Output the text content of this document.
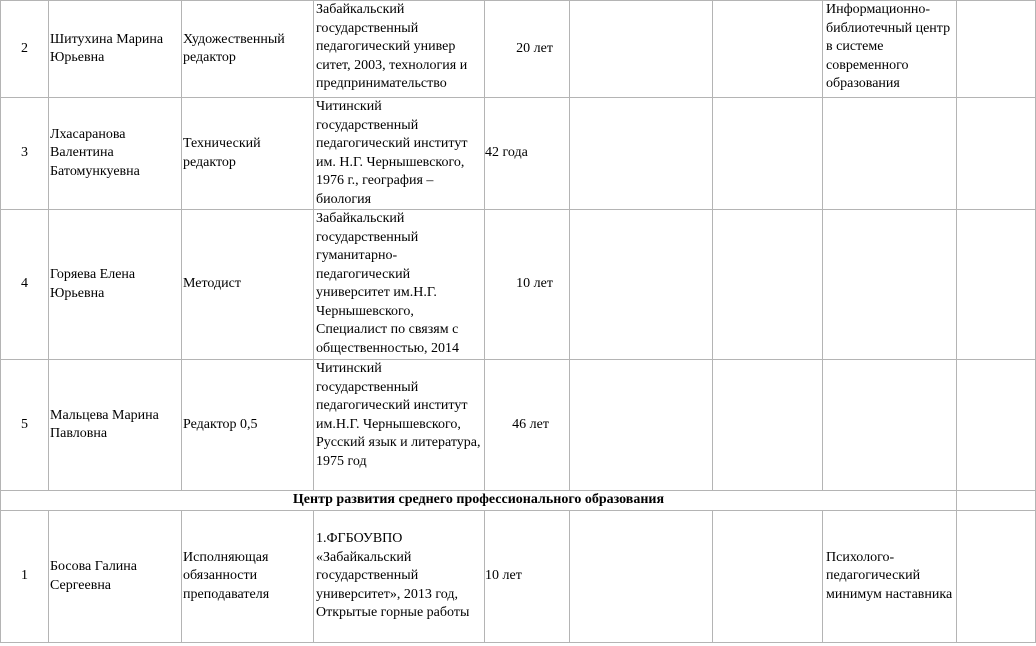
2	Шитухина Марина Юрьевна	Художественный редактор	Забайкальский государственный педагогический универ ситет, 2003, технология и предпринимательство	20 лет			Информационно-библиотечный центр в системе современного образования	
3	Лхасаранова Валентина Батомункуевна	Технический редактор	Читинский государственный педагогический институт им. Н.Г. Чернышевского, 1976 г., география – биология	42 года				
4	Горяева Елена Юрьевна	Методист	Забайкальский государственный гуманитарно-педагогический университет им.Н.Г. Чернышевского, Специалист по связям с общественностью, 2014	10 лет				
5	Мальцева Марина Павловна	Редактор 0,5	Читинский государственный педагогический институт им.Н.Г. Чернышевского, Русский язык и литература, 1975 год	46 лет				
Центр развития среднего профессионального образования								
1	Босова Галина Сергеевна	Исполняющая обязанности преподавателя	1.ФГБОУВПО «Забайкальский государственный университет», 2013 год, Открытые горные работы	10 лет			Психолого-педагогический минимум наставника	
